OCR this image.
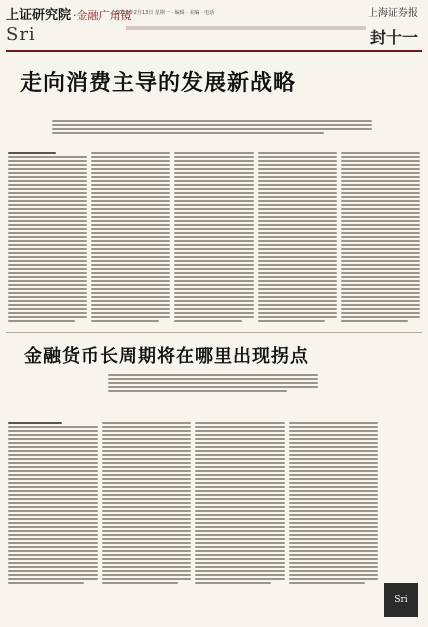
上证研究院 ·金融广角镜
Sri
2012年2月13日 星期一 · 编辑 · 美编 · 电话	上海证券报
封十一
走向消费主导的发展新战略
金融货币长周期将在哪里出现拐点
Sri
